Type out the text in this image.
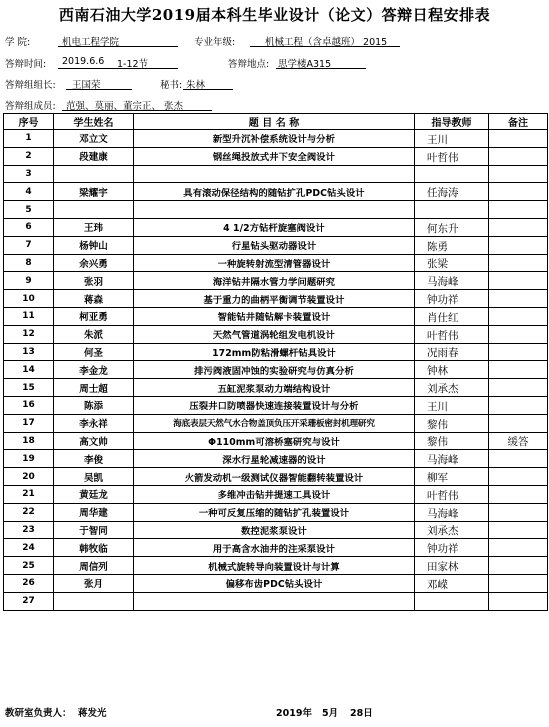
西南石油大学2019届本科生毕业设计（论文）答辩日程安排表
学 院:	机电工程学院	专业年级:	机械工程（含卓越班） 2015
答辩时间: 2019.6.6 1-12节	答辩地点: 思学楼A315
答辩组组长: 王国荣	秘书: 朱林
答辩组成员: 范强、莫丽、董宗正、 张杰
序号	学生姓名	题 目 名 称	指导教师	备注
1	邓立文	新型升沉补偿系统设计与分析	王川	
2	段建康	钢丝绳投放式井下安全阀设计	叶哲伟	
3				
4	梁耀宇	具有滚动保径结构的随钻扩孔PDC钻头设计	任海涛	
5				
6	王玮	4 1/2方钻杆旋塞阀设计	何东升	
7	杨钟山	行星钻头驱动器设计	陈勇	
8	余兴勇	一种旋转射流型清管器设计	张梁	
9	张羽	海洋钻井隔水管力学问题研究	马海峰	
10	蒋森	基于重力的曲柄平衡调节装置设计	钟功祥	
11	柯亚勇	智能钻井随钻解卡装置设计	肖仕红	
12	朱派	天然气管道涡轮组发电机设计	叶哲伟	
13	何圣	172mm防粘滑螺杆钻具设计	况雨春	
14	李金龙	排污阀液固冲蚀的实验研究与仿真分析	钟林	
15	周士超	五缸泥浆泵动力端结构设计	刘承杰	
16	陈添	压裂井口防喷器快速连接装置设计与分析	王川	
17	李永祥	海底表层天然气水合物盖顶负压开采珊板密封机理研究	黎伟	
18	高文帅	Φ110mm可溶桥塞研究与设计	黎伟	缓答
19	李俊	深水行星轮减速器的设计	马海峰	
20	吴凯	火箭发动机一级测试仪器智能翻转装置设计	柳军	
21	黄廷龙	多维冲击钻井提速工具设计	叶哲伟	
22	周华建	一种可反复压缩的随钻扩孔装置设计	马海峰	
23	于智同	数控泥浆泵设计	刘承杰	
24	韩牧临	用于高含水油井的注采泵设计	钟功祥	
25	周信列	机械式旋转导向装置设计与计算	田家林	
26	张月	偏移布齿PDC钻头设计	邓嵘	
27				
教研室负责人： 蒋发光	2019年 5月 28日
